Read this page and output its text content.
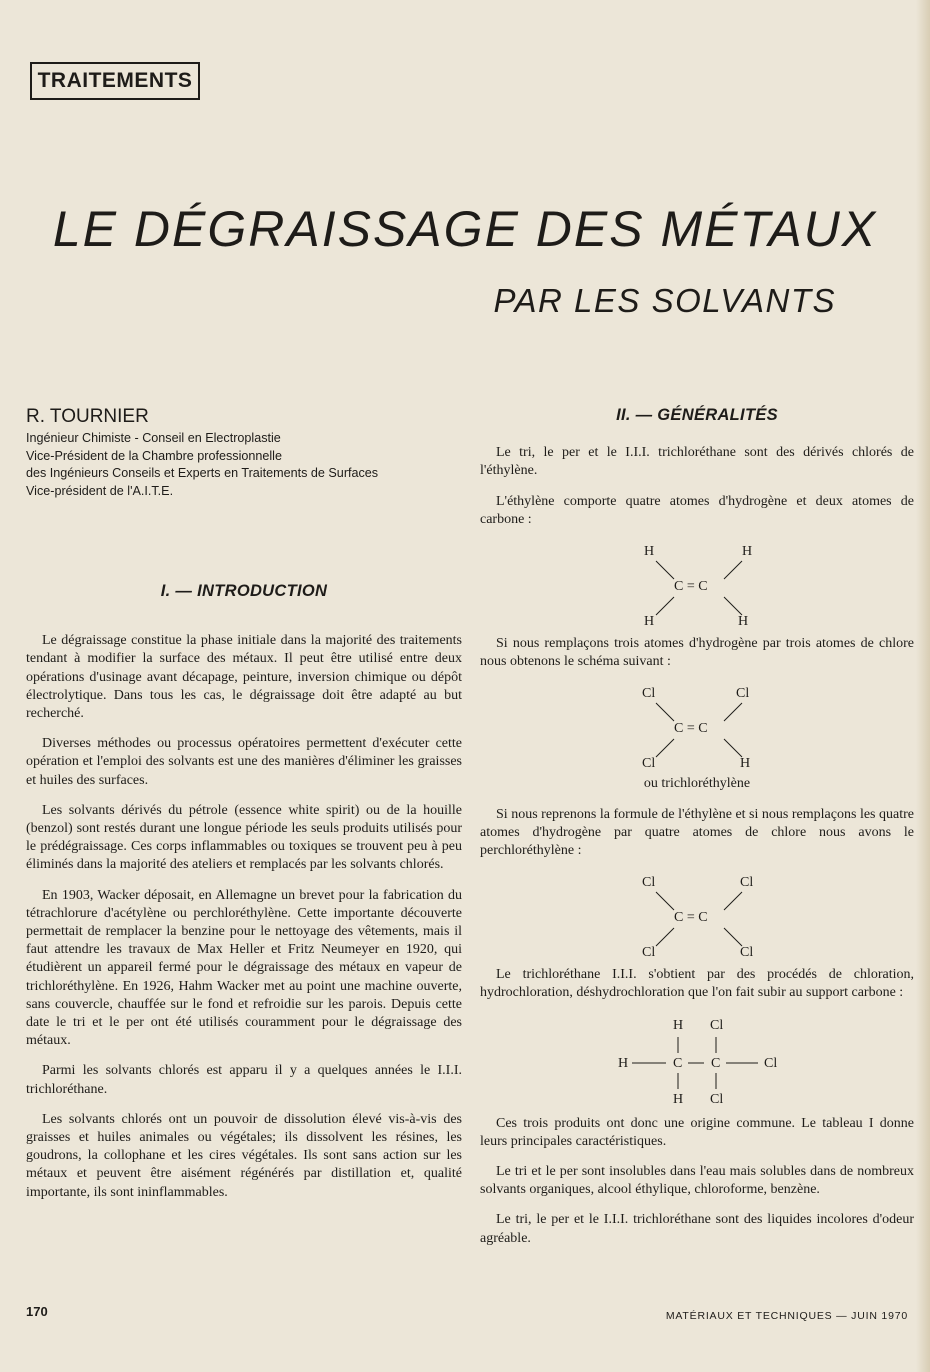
TRAITEMENTS
LE DÉGRAISSAGE DES MÉTAUX
PAR LES SOLVANTS
R. TOURNIER
Ingénieur Chimiste - Conseil en Electroplastie
Vice-Président de la Chambre professionnelle
des Ingénieurs Conseils et Experts en Traitements de Surfaces
Vice-président de l'A.I.T.E.
I. — INTRODUCTION

Le dégraissage constitue la phase initiale dans la majorité des traitements tendant à modifier la surface des métaux. Il peut être utilisé entre deux opérations d'usinage avant décapage, peinture, inversion chimique ou dépôt électrolytique. Dans tous les cas, le dégraissage doit être adapté au but recherché.

Diverses méthodes ou processus opératoires permettent d'exécuter cette opération et l'emploi des solvants est une des manières d'éliminer les graisses et huiles des surfaces.

Les solvants dérivés du pétrole (essence white spirit) ou de la houille (benzol) sont restés durant une longue période les seuls produits utilisés pour le prédégraissage. Ces corps inflammables ou toxiques se trouvent peu à peu éliminés dans la majorité des ateliers et remplacés par les solvants chlorés.

En 1903, Wacker déposait, en Allemagne un brevet pour la fabrication du tétrachlorure d'acétylène ou perchloréthylène. Cette importante découverte permettait de remplacer la benzine pour le nettoyage des vêtements, mais il faut attendre les travaux de Max Heller et Fritz Neumeyer en 1920, qui étudièrent un appareil fermé pour le dégraissage des métaux en vapeur de trichloréthylène. En 1926, Hahm Wacker met au point une machine ouverte, sans couvercle, chauffée sur le fond et refroidie sur les parois. Depuis cette date le tri et le per ont été utilisés couramment pour le dégraissage des métaux.

Parmi les solvants chlorés est apparu il y a quelques années le I.I.I. trichloréthane.

Les solvants chlorés ont un pouvoir de dissolution élevé vis-à-vis des graisses et huiles animales ou végétales; ils dissolvent les résines, les goudrons, la collophane et les cires végétales. Ils sont sans action sur les métaux et peuvent être aisément régénérés par distillation et, qualité importante, ils sont ininflammables.

II. — GÉNÉRALITÉS

Le tri, le per et le I.I.I. trichloréthane sont des dérivés chlorés de l'éthylène.

L'éthylène comporte quatre atomes d'hydrogène et deux atomes de carbone :

H	H
C = C
H	H

Si nous remplaçons trois atomes d'hydrogène par trois atomes de chlore nous obtenons le schéma suivant :

Cl	Cl
C = C
Cl	H
ou trichloréthylène

Si nous reprenons la formule de l'éthylène et si nous remplaçons les quatre atomes d'hydrogène par quatre atomes de chlore nous avons le perchloréthylène :

Cl	Cl
C = C
Cl	Cl

Le trichloréthane I.I.I. s'obtient par des procédés de chloration, hydrochloration, déshydrochloration que l'on fait subir au support carbone :

H Cl
H	C C	Cl
H Cl

Ces trois produits ont donc une origine commune. Le tableau I donne leurs principales caractéristiques.

Le tri et le per sont insolubles dans l'eau mais solubles dans de nombreux solvants organiques, alcool éthylique, chloroforme, benzène.

Le tri, le per et le I.I.I. trichloréthane sont des liquides incolores d'odeur agréable.

170	MATÉRIAUX ET TECHNIQUES — JUIN 1970
